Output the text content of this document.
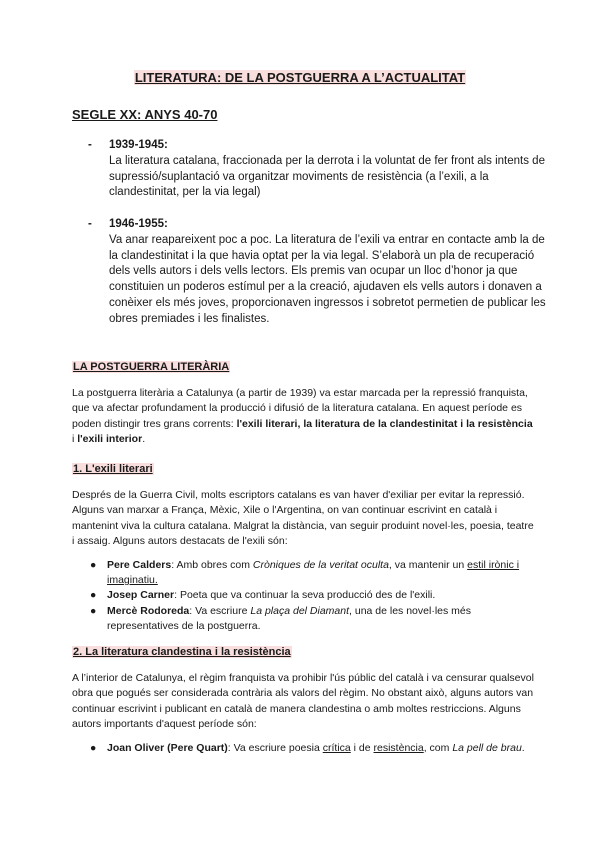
LITERATURA: DE LA POSTGUERRA A L’ACTUALITAT
SEGLE XX: ANYS 40-70
- 1939-1945:
La literatura catalana, fraccionada per la derrota i la voluntat de fer front als intents de supressió/suplantació va organitzar moviments de resistència (a l’exili, a la clandestinitat, per la via legal)
- 1946-1955:
Va anar reapareixent poc a poc. La literatura de l’exili va entrar en contacte amb la de la clandestinitat i la que havia optat per la via legal. S’elaborà un pla de recuperació dels vells autors i dels vells lectors. Els premis van ocupar un lloc d’honor ja que constituien un poderos estímul per a la creació, ajudaven els vells autors i donaven a conèixer els més joves, proporcionaven ingressos i sobretot permetien de publicar les obres premiades i les finalistes.
LA POSTGUERRA LITERÀRIA
La postguerra literària a Catalunya (a partir de 1939) va estar marcada per la repressió franquista, que va afectar profundament la producció i difusió de la literatura catalana. En aquest període es poden distingir tres grans corrents: l'exili literari, la literatura de la clandestinitat i la resistència i l'exili interior.
1. L'exili literari
Després de la Guerra Civil, molts escriptors catalans es van haver d'exiliar per evitar la repressió. Alguns van marxar a França, Mèxic, Xile o l'Argentina, on van continuar escrivint en català i mantenint viva la cultura catalana. Malgrat la distància, van seguir produint novel·les, poesia, teatre i assaig. Alguns autors destacats de l'exili són:
● Pere Calders: Amb obres com Cròniques de la veritat oculta, va mantenir un estil irònic i imaginatiu.
● Josep Carner: Poeta que va continuar la seva producció des de l'exili.
● Mercè Rodoreda: Va escriure La plaça del Diamant, una de les novel·les més representatives de la postguerra.
2. La literatura clandestina i la resistència
A l’interior de Catalunya, el règim franquista va prohibir l'ús públic del català i va censurar qualsevol obra que pogués ser considerada contrària als valors del règim. No obstant això, alguns autors van continuar escrivint i publicant en català de manera clandestina o amb moltes restriccions. Alguns autors importants d'aquest període són:
● Joan Oliver (Pere Quart): Va escriure poesia crítica i de resistència, com La pell de brau.
